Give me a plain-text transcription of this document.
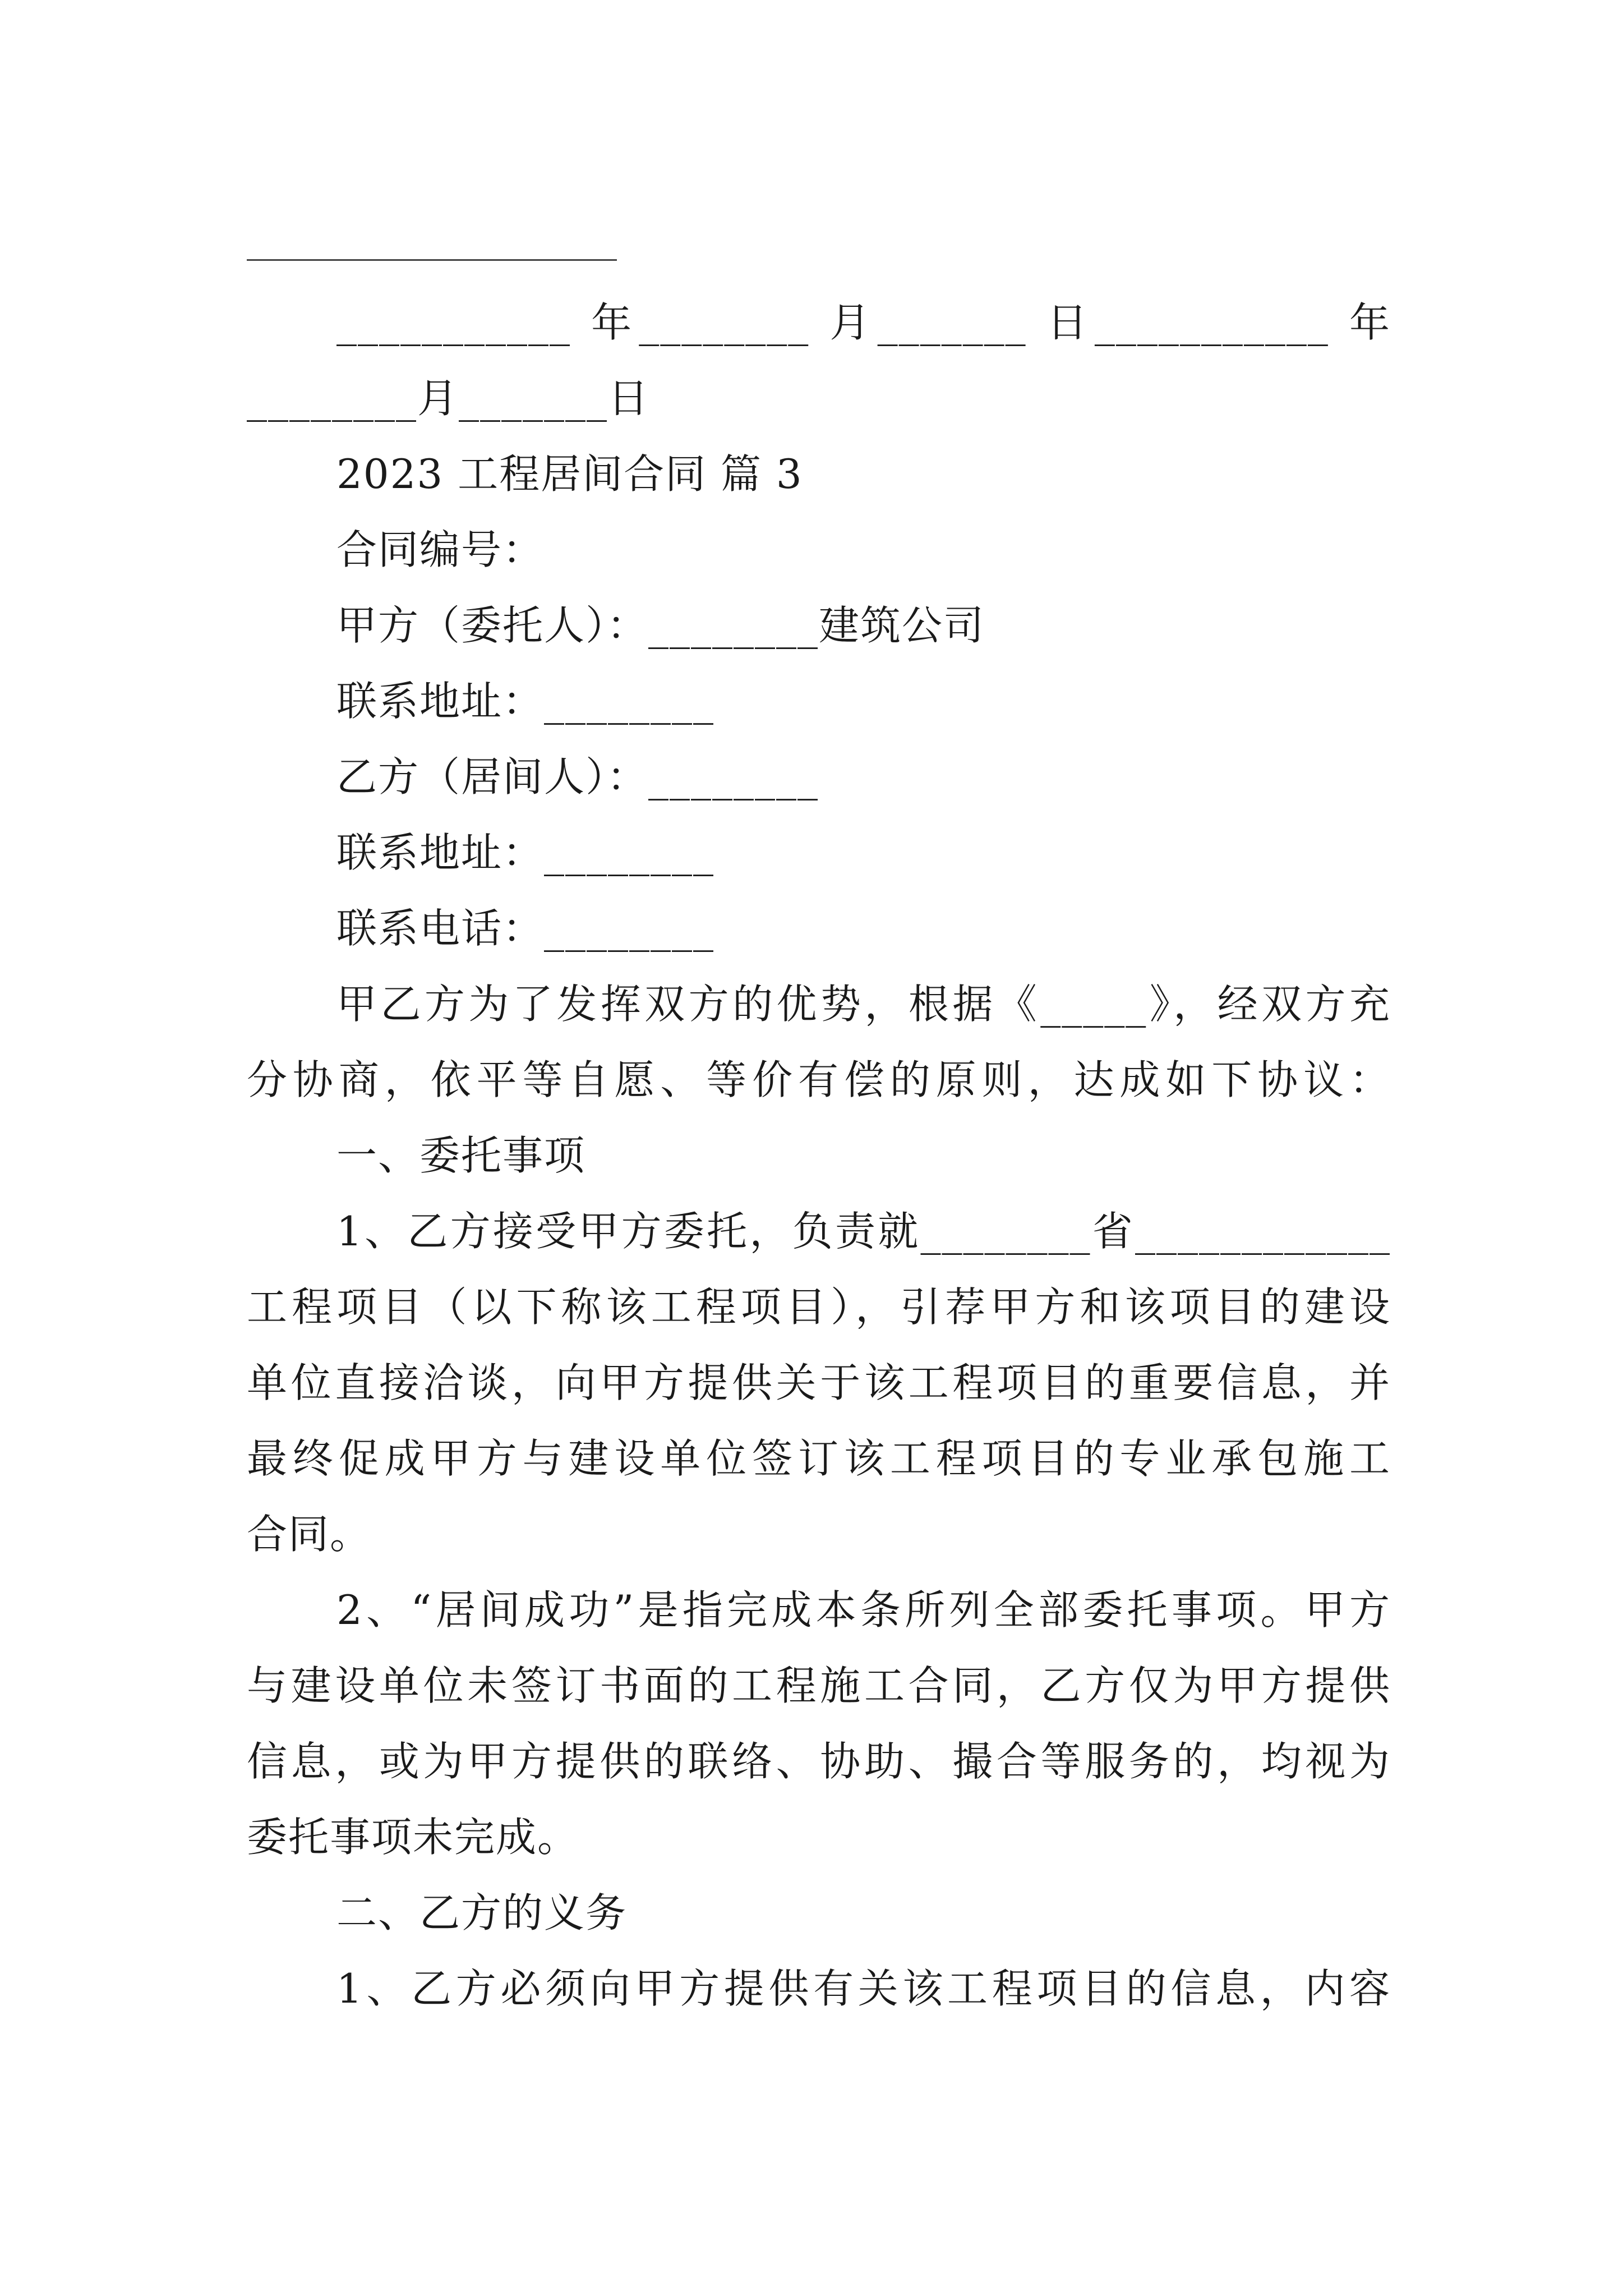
___________ 年________ 月_______ 日___________ 年
________月_______日
2023 工程居间合同 篇 3
合同编号：
甲方（委托人）：________建筑公司
联系地址：________
乙方（居间人）：________
联系地址：________
联系电话：________
甲乙方为了发挥双方的优势，根据《_____》，经双方充
分协商，依平等自愿、等价有偿的原则，达成如下协议：
一、委托事项
1、乙方接受甲方委托，负责就________省____________
工程项目（以下称该工程项目），引荐甲方和该项目的建设
单位直接洽谈，向甲方提供关于该工程项目的重要信息，并
最终促成甲方与建设单位签订该工程项目的专业承包施工
合同。
2、“居间成功”是指完成本条所列全部委托事项。甲方
与建设单位未签订书面的工程施工合同，乙方仅为甲方提供
信息，或为甲方提供的联络、协助、撮合等服务的，均视为
委托事项未完成。
二、乙方的义务
1、乙方必须向甲方提供有关该工程项目的信息，内容
